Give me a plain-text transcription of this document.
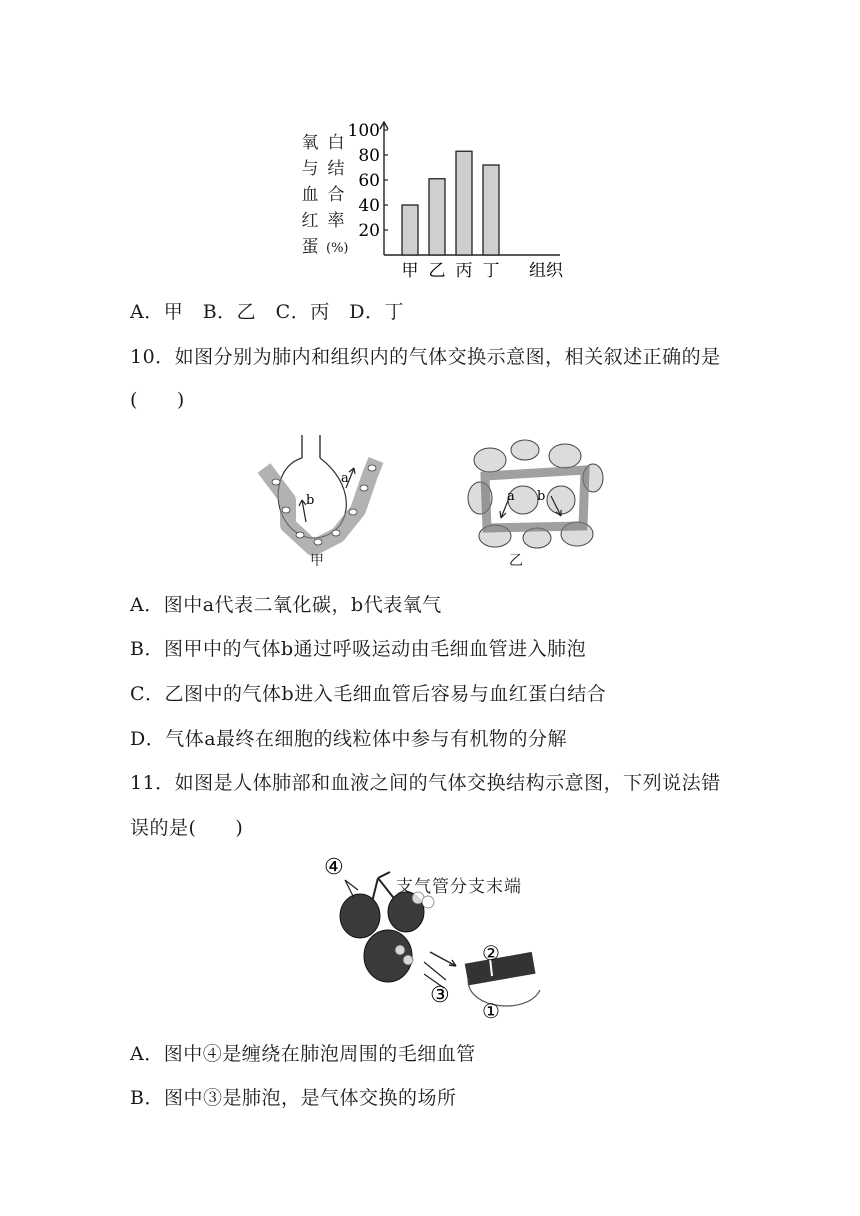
氧
与
血
红
蛋
白
结
合
率
(%)
20
40
60
80
100
甲 乙 丙 丁 组织
A．甲　B．乙　C．丙　D．丁
10．如图分别为肺内和组织内的气体交换示意图，相关叙述正确的是
(　　)
b
a
甲
a b
乙
A．图中a代表二氧化碳，b代表氧气
B．图甲中的气体b通过呼吸运动由毛细血管进入肺泡
C．乙图中的气体b进入毛细血管后容易与血红蛋白结合
D．气体a最终在细胞的线粒体中参与有机物的分解
11．如图是人体肺部和血液之间的气体交换结构示意图，下列说法错
误的是(　　)
④
②
③
①
支气管分支末端
A．图中④是缠绕在肺泡周围的毛细血管
B．图中③是肺泡，是气体交换的场所
